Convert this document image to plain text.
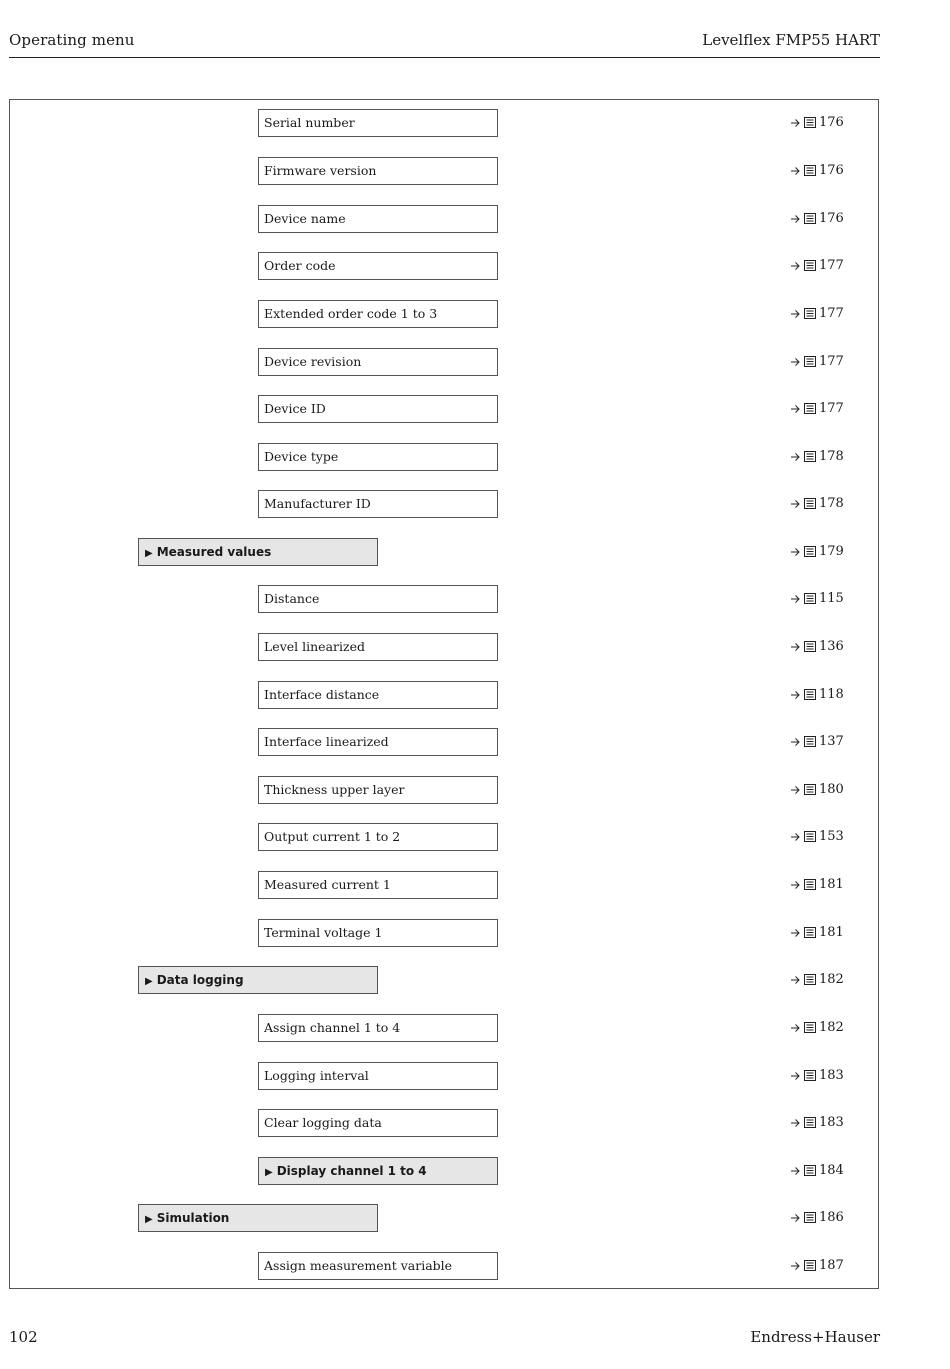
Operating menu	Levelflex FMP55 HART
Serial number	176
Firmware version	176
Device name	176
Order code	177
Extended order code 1 to 3	177
Device revision	177
Device ID	177
Device type	178
Manufacturer ID	178
▶ Measured values	179
Distance	115
Level linearized	136
Interface distance	118
Interface linearized	137
Thickness upper layer	180
Output current 1 to 2	153
Measured current 1	181
Terminal voltage 1	181
▶ Data logging	182
Assign channel 1 to 4	182
Logging interval	183
Clear logging data	183
▶ Display channel 1 to 4	184
▶ Simulation	186
Assign measurement variable	187
102	Endress+Hauser
